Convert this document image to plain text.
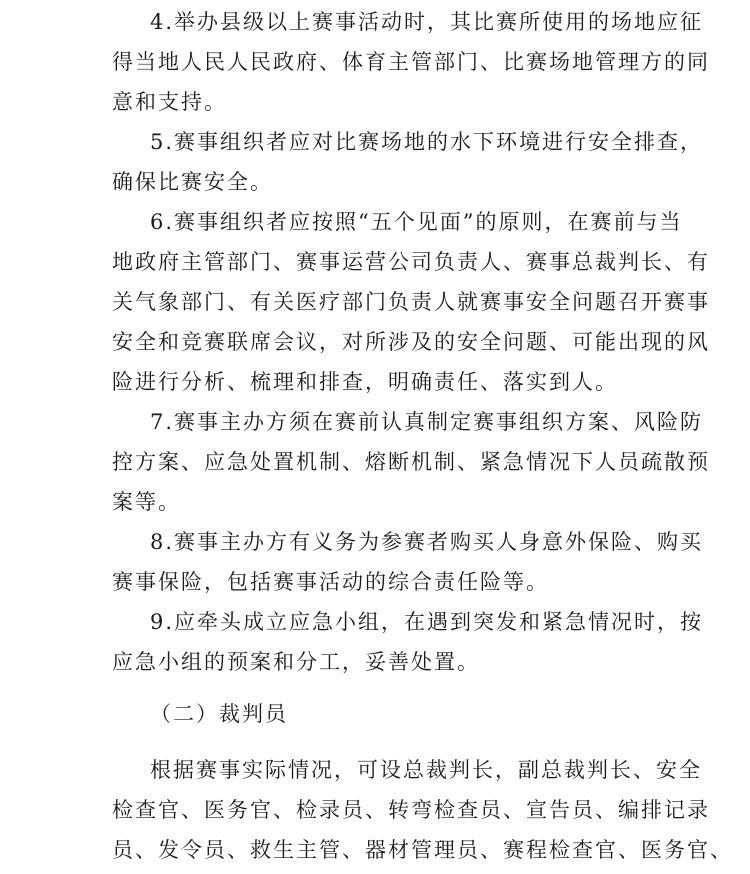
4.举办县级以上赛事活动时，其比赛所使用的场地应征
得当地人民人民政府、体育主管部门、比赛场地管理方的同
意和支持。
5.赛事组织者应对比赛场地的水下环境进行安全排查，
确保比赛安全。
6.赛事组织者应按照“五个见面”的原则，在赛前与当
地政府主管部门、赛事运营公司负责人、赛事总裁判长、有
关气象部门、有关医疗部门负责人就赛事安全问题召开赛事
安全和竞赛联席会议，对所涉及的安全问题、可能出现的风
险进行分析、梳理和排查，明确责任、落实到人。
7.赛事主办方须在赛前认真制定赛事组织方案、风险防
控方案、应急处置机制、熔断机制、紧急情况下人员疏散预
案等。
8.赛事主办方有义务为参赛者购买人身意外保险、购买
赛事保险，包括赛事活动的综合责任险等。
9.应牵头成立应急小组，在遇到突发和紧急情况时，按
应急小组的预案和分工，妥善处置。
（二）裁判员
根据赛事实际情况，可设总裁判长，副总裁判长、安全
检查官、医务官、检录员、转弯检查员、宣告员、编排记录
员、发令员、救生主管、器材管理员、赛程检查官、医务官、
